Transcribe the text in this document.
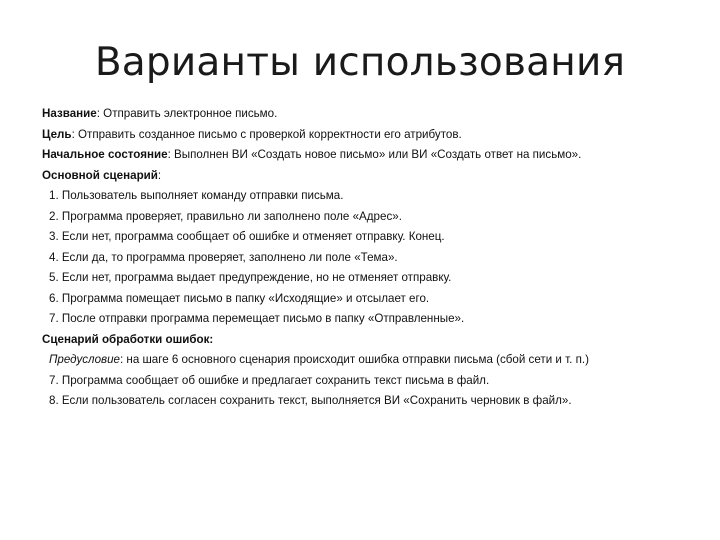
Варианты использования
Название: Отправить электронное письмо.
Цель: Отправить созданное письмо с проверкой корректности его атрибутов.
Начальное состояние: Выполнен ВИ «Создать новое письмо» или ВИ «Создать ответ на письмо».
Основной сценарий:
1. Пользователь выполняет команду отправки письма.
2. Программа проверяет, правильно ли заполнено поле «Адрес».
3. Если нет, программа сообщает об ошибке и отменяет отправку. Конец.
4. Если да, то программа проверяет, заполнено ли поле «Тема».
5. Если нет, программа выдает предупреждение, но не отменяет отправку.
6. Программа помещает письмо в папку «Исходящие» и отсылает его.
7. После отправки программа перемещает письмо в папку «Отправленные».
Сценарий обработки ошибок:
Предусловие: на шаге 6 основного сценария происходит ошибка отправки письма (сбой сети и т. п.)
7. Программа сообщает об ошибке и предлагает сохранить текст письма в файл.
8. Если пользователь согласен сохранить текст, выполняется ВИ «Сохранить черновик в файл».
